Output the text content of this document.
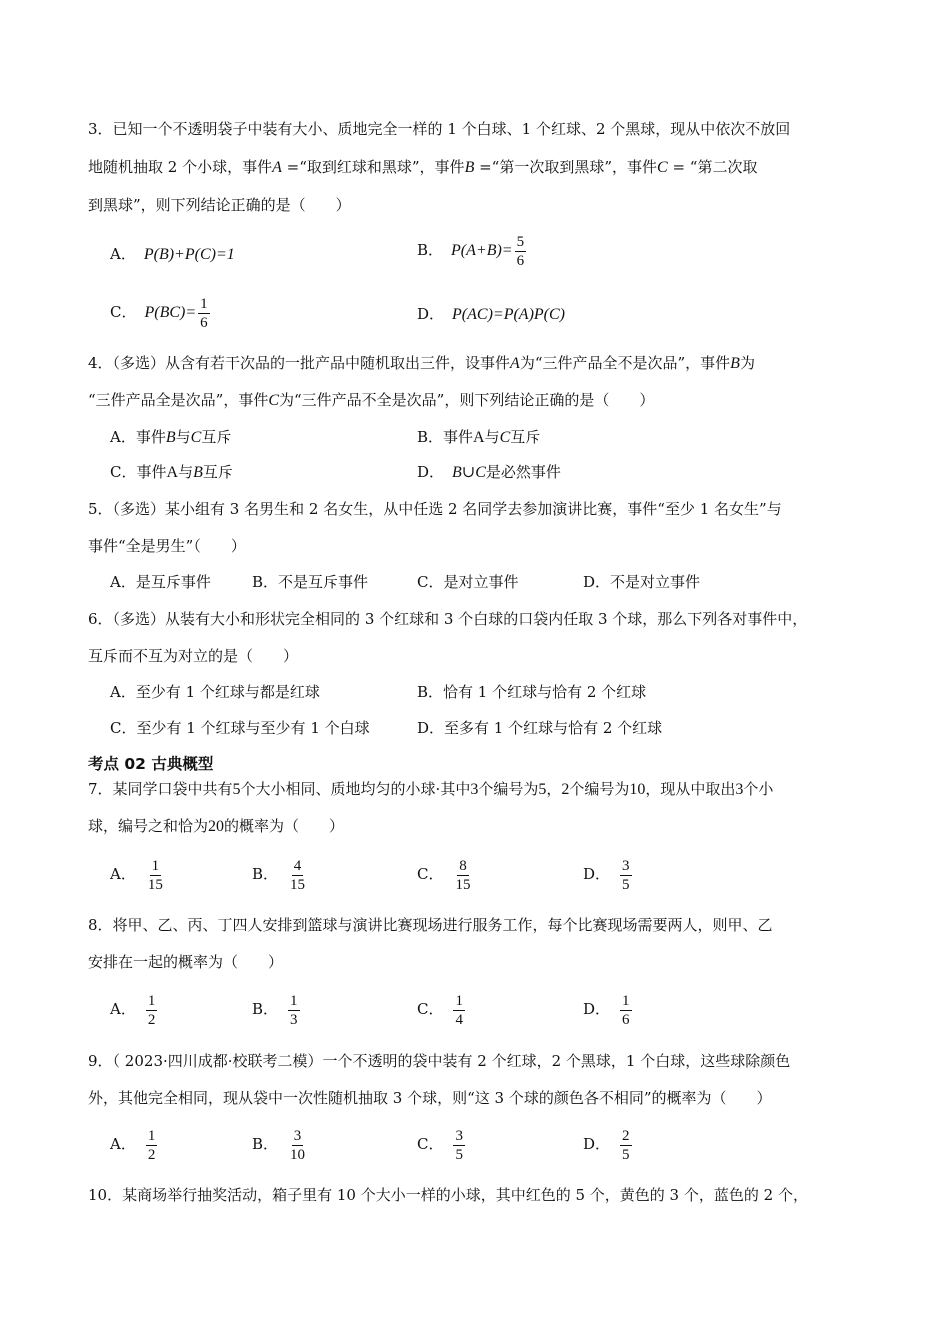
3．已知一个不透明袋子中装有大小、质地完全一样的 1 个白球、1 个红球、2 个黑球，现从中依次不放回
地随机抽取 2 个小球，事件A =“取到红球和黑球”，事件B =“第一次取到黑球”，事件C = “第二次取
到黑球”，则下列结论正确的是（　　）
A． P(B)+P(C)=1	B． $P(A+B)= \frac{5}{6}$
C． $P(BC)= \frac{1}{6}$	D． P(AC)=P(A)P(C)
4．（多选）从含有若干次品的一批产品中随机取出三件，设事件A为“三件产品全不是次品”，事件B为
“三件产品全是次品”，事件C为“三件产品不全是次品”，则下列结论正确的是（　　）
A．事件B与C互斥	B．事件A与C互斥
C．事件A与B互斥	D． B∪C是必然事件
5．（多选）某小组有 3 名男生和 2 名女生，从中任选 2 名同学去参加演讲比赛，事件“至少 1 名女生”与
事件“全是男生”（　　）
A．是互斥事件	B．不是互斥事件	C．是对立事件	D．不是对立事件
6．（多选）从装有大小和形状完全相同的 3 个红球和 3 个白球的口袋内任取 3 个球，那么下列各对事件中，
互斥而不互为对立的是（　　）
A．至少有 1 个红球与都是红球	B．恰有 1 个红球与恰有 2 个红球
C．至少有 1 个红球与至少有 1 个白球	D．至多有 1 个红球与恰有 2 个红球
考点 02 古典概型
7．某同学口袋中共有5个大小相同、质地均匀的小球·其中3个编号为5，2个编号为10，现从中取出3个小
球，编号之和恰为20的概率为（　　）
A． $\frac{1}{15}$	B． $\frac{4}{15}$	C． $\frac{8}{15}$	D． $\frac{3}{5}$
8．将甲、乙、丙、丁四人安排到篮球与演讲比赛现场进行服务工作，每个比赛现场需要两人，则甲、乙
安排在一起的概率为（　　）
A． $\frac{1}{2}$	B． $\frac{1}{3}$	C． $\frac{1}{4}$	D． $\frac{1}{6}$
9．（ 2023·四川成都·校联考二模）一个不透明的袋中装有 2 个红球，2 个黑球，1 个白球，这些球除颜色
外，其他完全相同，现从袋中一次性随机抽取 3 个球，则“这 3 个球的颜色各不相同”的概率为（　　）
A． $\frac{1}{2}$	B． $\frac{3}{10}$	C． $\frac{3}{5}$	D． $\frac{2}{5}$
10．某商场举行抽奖活动，箱子里有 10 个大小一样的小球，其中红色的 5 个，黄色的 3 个，蓝色的 2 个，
